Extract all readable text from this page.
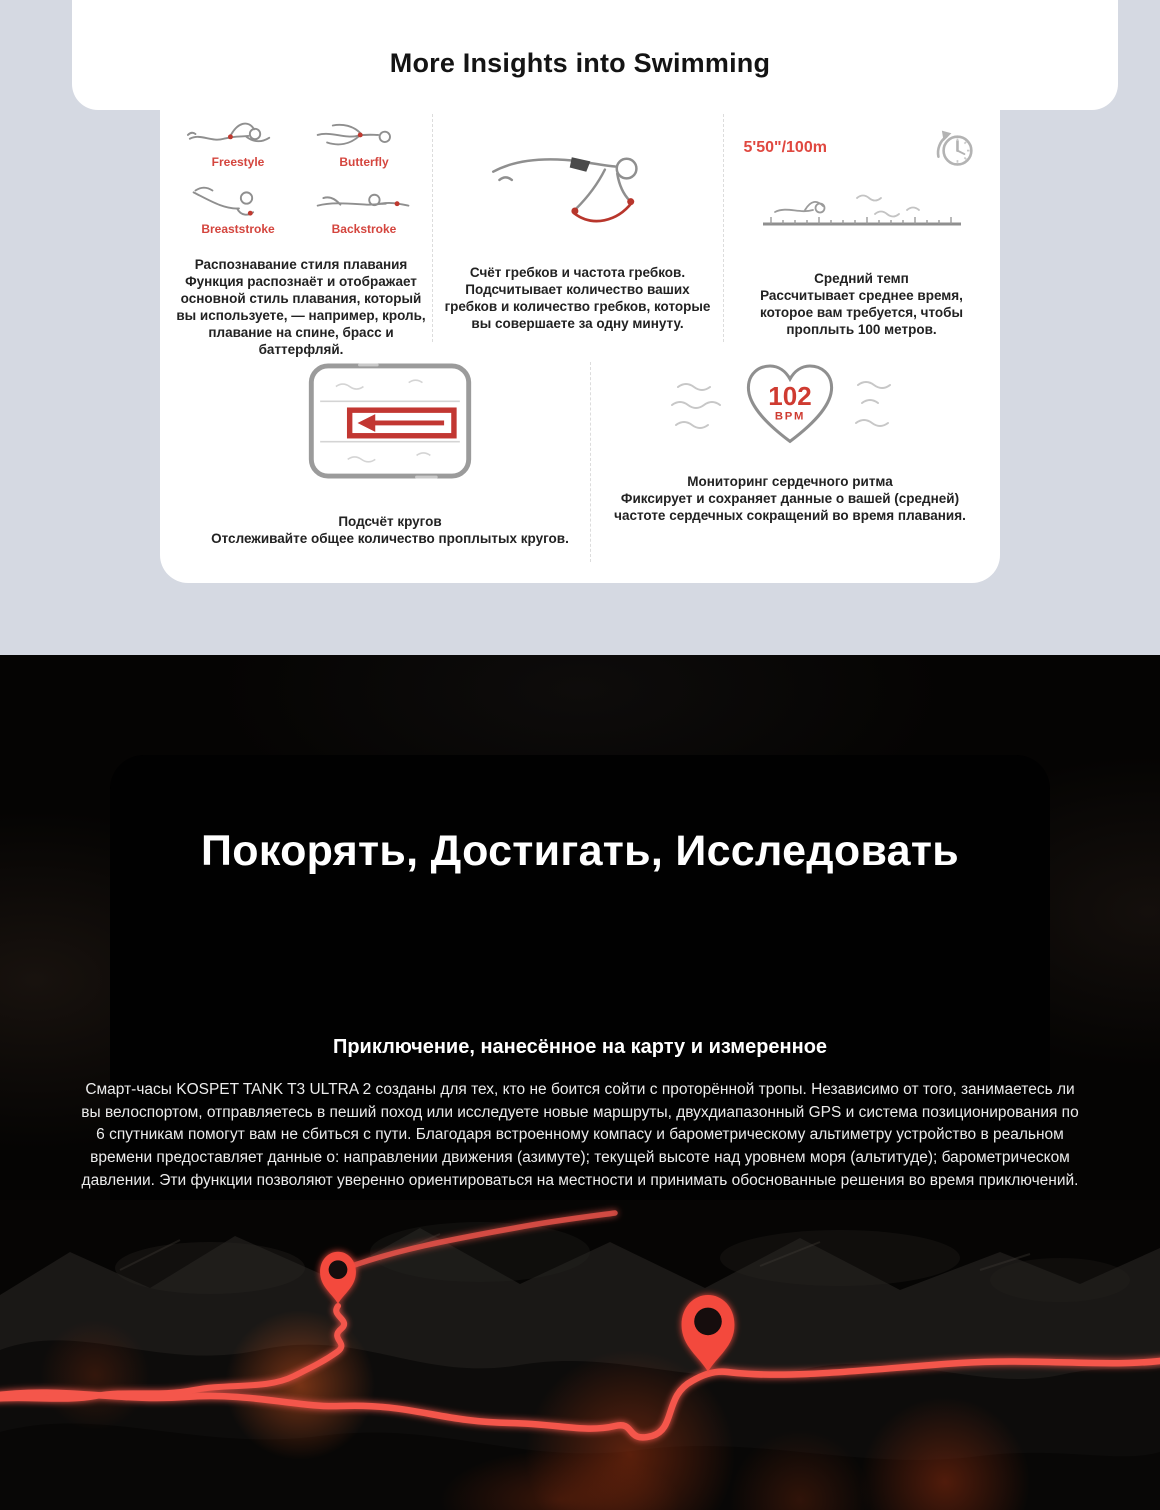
More Insights into Swimming
Freestyle	Butterfly
Breaststroke	Backstroke

Распознавание стиля плавания
Функция распознаёт и отображает основной стиль плавания, который вы используете, — например, кроль, плавание на спине, брасс и баттерфляй.

Счёт гребков и частота гребков.
Подсчитывает количество ваших гребков и количество гребков, которые вы совершаете за одну минуту.

5'50"/100m

Средний темп
Рассчитывает среднее время, которое вам требуется, чтобы проплыть 100 метров.

Подсчёт кругов
Отслеживайте общее количество проплытых кругов.

102
BPM

Мониторинг сердечного ритма
Фиксирует и сохраняет данные о вашей (средней) частоте сердечных сокращений во время плавания.

Покорять, Достигать, Исследовать
Приключение, нанесённое на карту и измеренное

Смарт-часы KOSPET TANK T3 ULTRA 2 созданы для тех, кто не боится сойти с проторённой тропы. Независимо от того, занимаетесь ли вы велоспортом, отправляетесь в пеший поход или исследуете новые маршруты, двухдиапазонный GPS и система позиционирования по 6 спутникам помогут вам не сбиться с пути. Благодаря встроенному компасу и барометрическому альтиметру устройство в реальном времени предоставляет данные о: направлении движения (азимуте); текущей высоте над уровнем моря (альтитуде); барометрическом давлении. Эти функции позволяют уверенно ориентироваться на местности и принимать обоснованные решения во время приключений.
